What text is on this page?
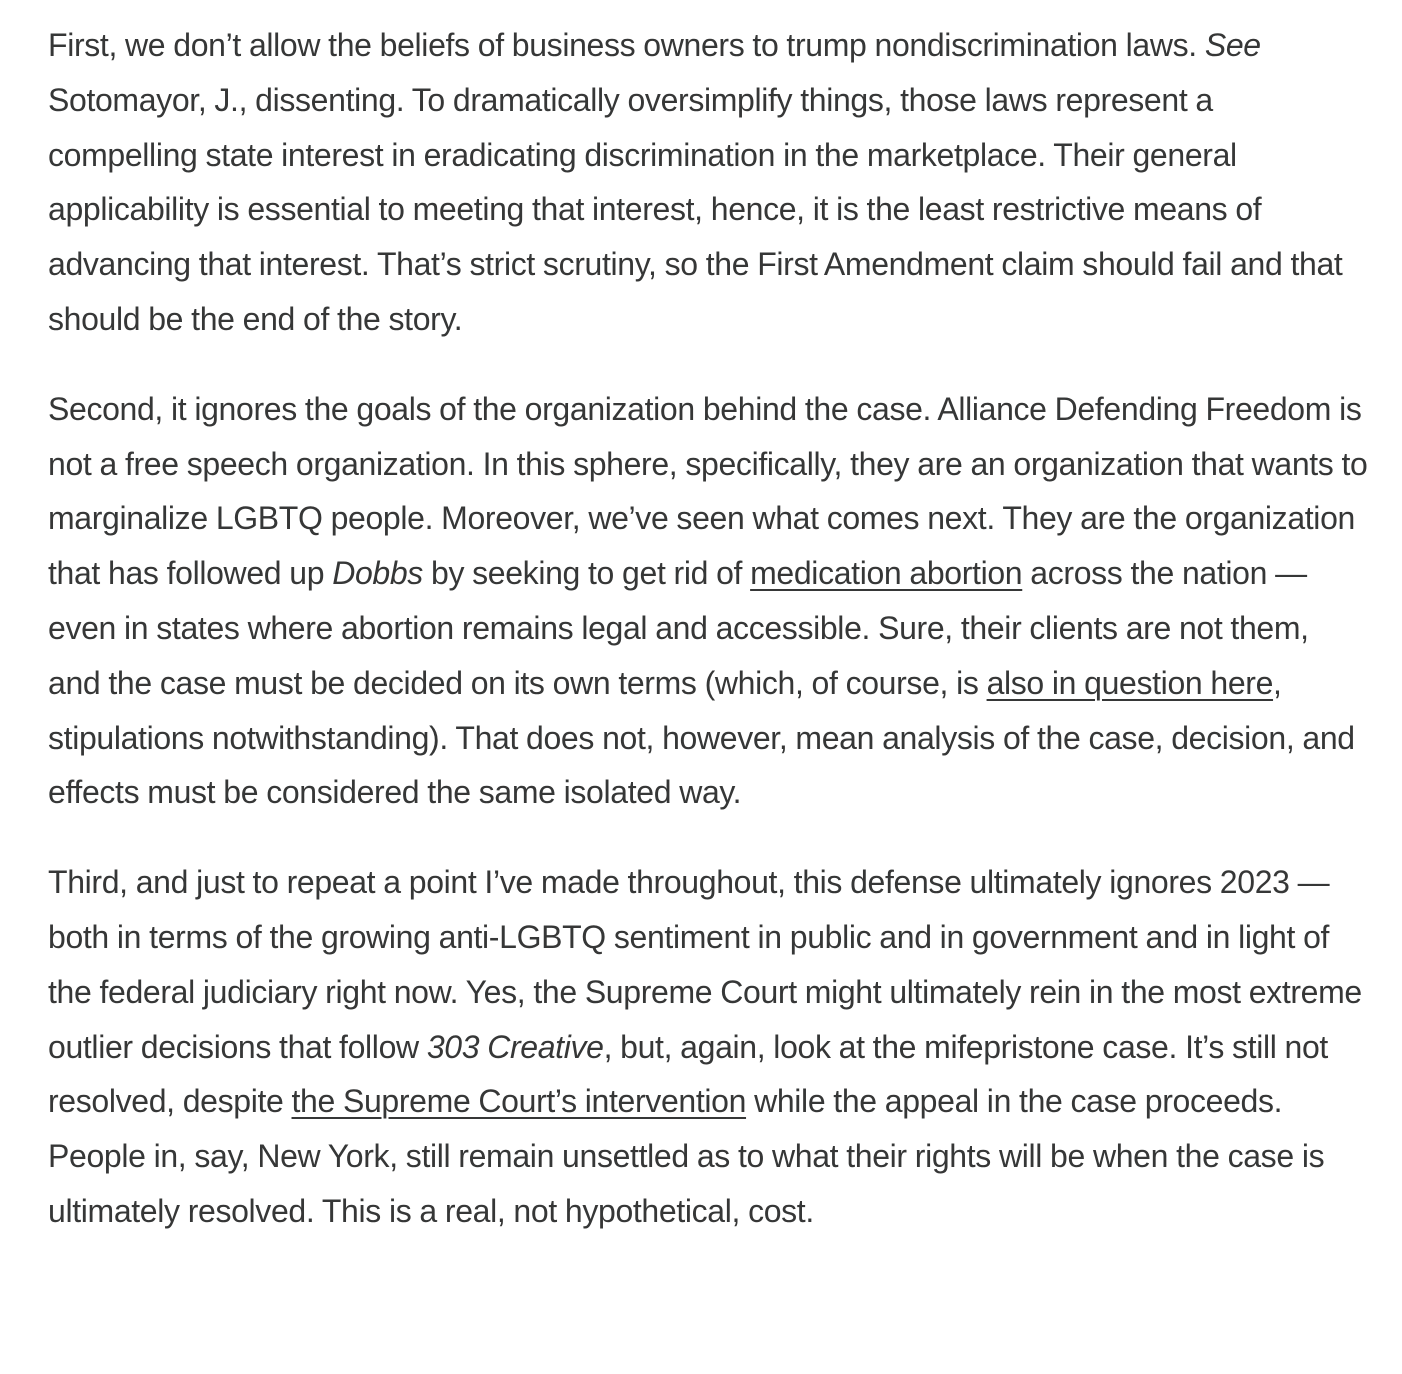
First, we don’t allow the beliefs of business owners to trump nondiscrimination laws. See Sotomayor, J., dissenting. To dramatically oversimplify things, those laws represent a compelling state interest in eradicating discrimination in the marketplace. Their general applicability is essential to meeting that interest, hence, it is the least restrictive means of advancing that interest. That’s strict scrutiny, so the First Amendment claim should fail and that should be the end of the story.

Second, it ignores the goals of the organization behind the case. Alliance Defending Freedom is not a free speech organization. In this sphere, specifically, they are an organization that wants to marginalize LGBTQ people. Moreover, we’ve seen what comes next. They are the organization that has followed up Dobbs by seeking to get rid of medication abortion across the nation — even in states where abortion remains legal and accessible. Sure, their clients are not them, and the case must be decided on its own terms (which, of course, is also in question here, stipulations notwithstanding). That does not, however, mean analysis of the case, decision, and effects must be considered the same isolated way.

Third, and just to repeat a point I’ve made throughout, this defense ultimately ignores 2023 — both in terms of the growing anti-LGBTQ sentiment in public and in government and in light of the federal judiciary right now. Yes, the Supreme Court might ultimately rein in the most extreme outlier decisions that follow 303 Creative, but, again, look at the mifepristone case. It’s still not resolved, despite the Supreme Court’s intervention while the appeal in the case proceeds. People in, say, New York, still remain unsettled as to what their rights will be when the case is ultimately resolved. This is a real, not hypothetical, cost.
